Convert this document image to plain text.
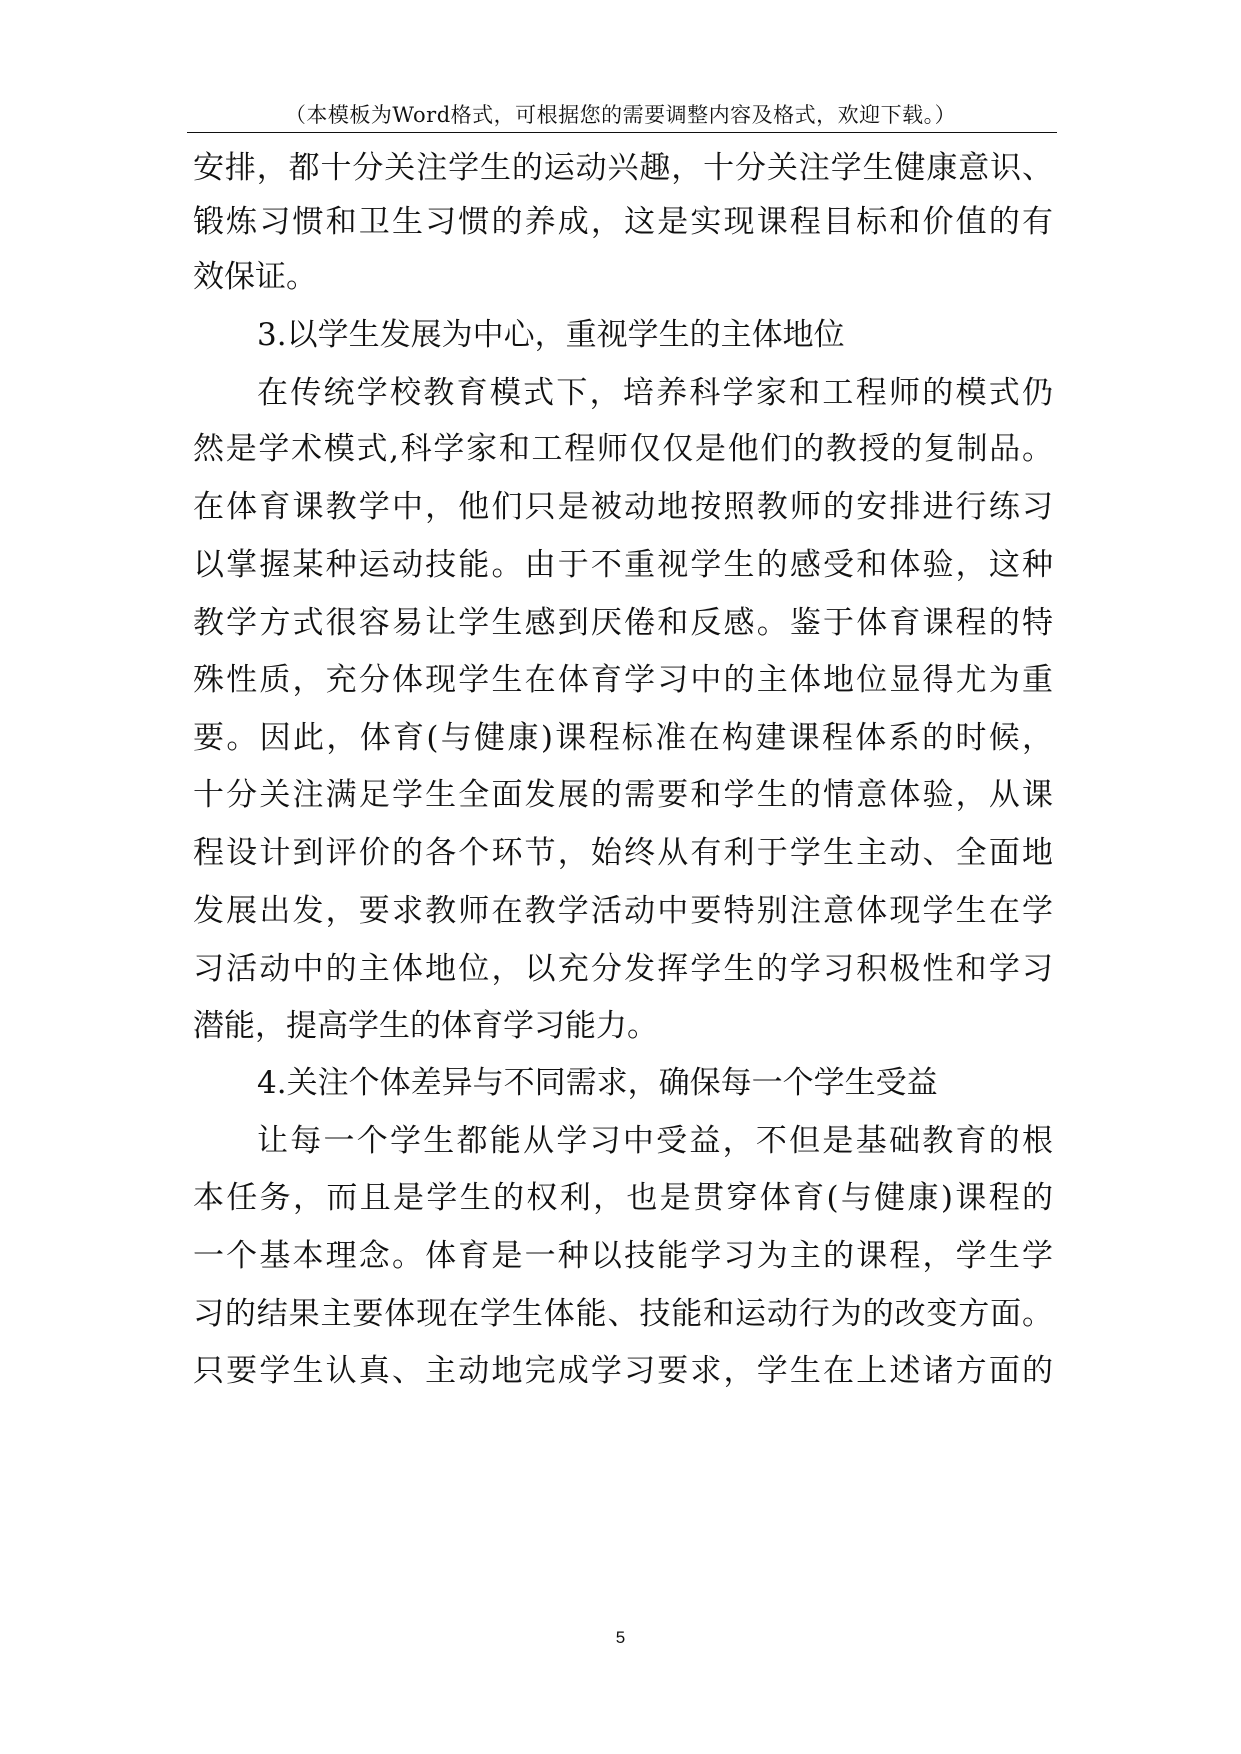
（本模板为Word格式，可根据您的需要调整内容及格式，欢迎下载。）
安排，都十分关注学生的运动兴趣，十分关注学生健康意识、
锻炼习惯和卫生习惯的养成，这是实现课程目标和价值的有
效保证。
3.以学生发展为中心，重视学生的主体地位
在传统学校教育模式下，培养科学家和工程师的模式仍
然是学术模式,科学家和工程师仅仅是他们的教授的复制品。
在体育课教学中，他们只是被动地按照教师的安排进行练习
以掌握某种运动技能。由于不重视学生的感受和体验，这种
教学方式很容易让学生感到厌倦和反感。鉴于体育课程的特
殊性质，充分体现学生在体育学习中的主体地位显得尤为重
要。因此，体育(与健康)课程标准在构建课程体系的时候，
十分关注满足学生全面发展的需要和学生的情意体验，从课
程设计到评价的各个环节，始终从有利于学生主动、全面地
发展出发，要求教师在教学活动中要特别注意体现学生在学
习活动中的主体地位，以充分发挥学生的学习积极性和学习
潜能，提高学生的体育学习能力。
4.关注个体差异与不同需求，确保每一个学生受益
让每一个学生都能从学习中受益，不但是基础教育的根
本任务，而且是学生的权利，也是贯穿体育(与健康)课程的
一个基本理念。体育是一种以技能学习为主的课程，学生学
习的结果主要体现在学生体能、技能和运动行为的改变方面。
只要学生认真、主动地完成学习要求，学生在上述诸方面的
5
